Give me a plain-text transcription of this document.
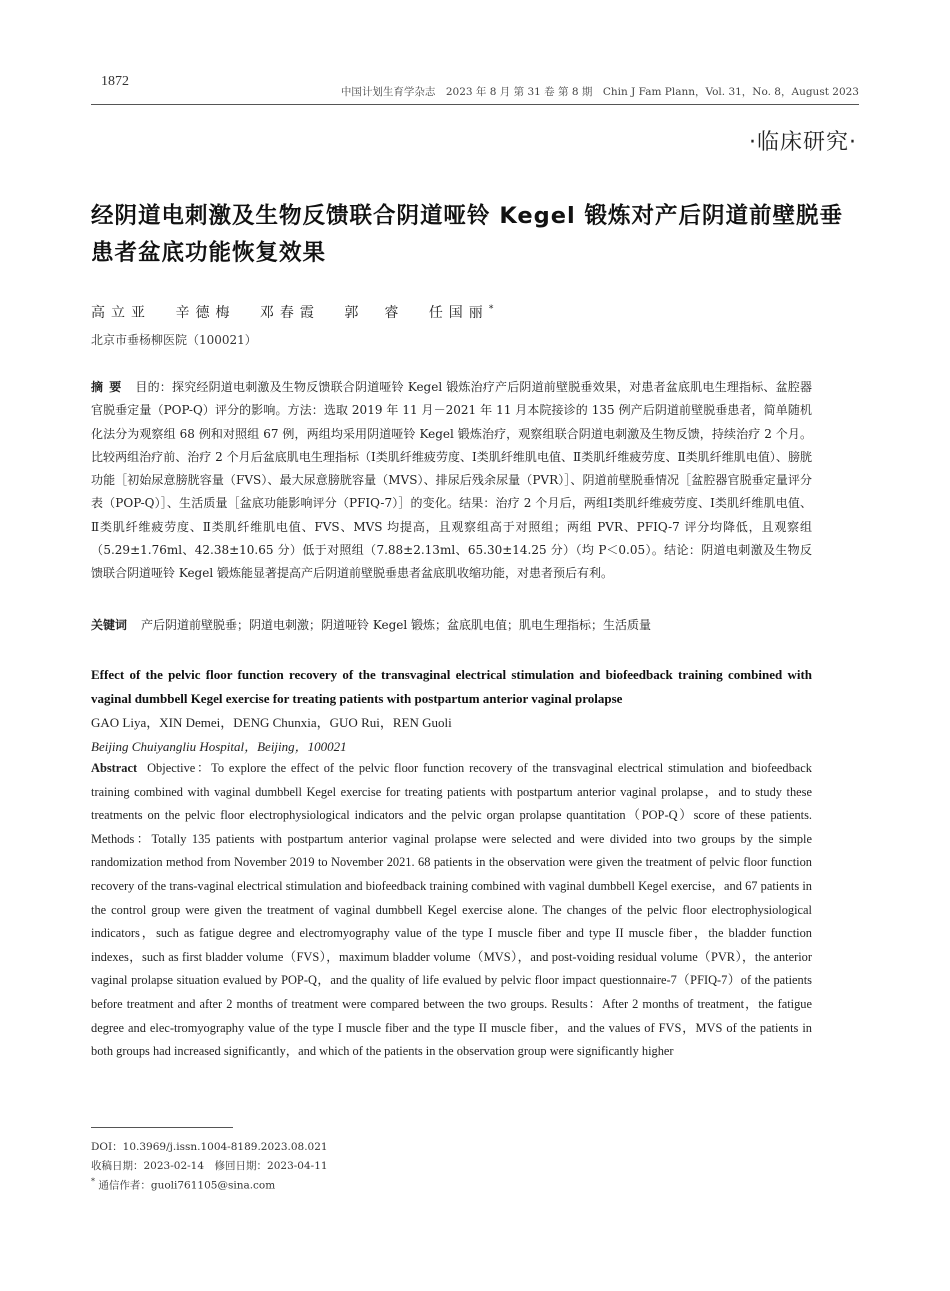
1872
中国计划生育学杂志　2023 年 8 月 第 31 卷 第 8 期　Chin J Fam Plann，Vol. 31，No. 8，August 2023
·临床研究·
经阴道电刺激及生物反馈联合阴道哑铃 Kegel 锻炼对产后阴道前壁脱垂患者盆底功能恢复效果
高立亚 辛德梅 邓春霞 郭　睿 任国丽*
北京市垂杨柳医院（100021）
摘要 目的：探究经阴道电刺激及生物反馈联合阴道哑铃 Kegel 锻炼治疗产后阴道前壁脱垂效果，对患者盆底肌电生理指标、盆腔器官脱垂定量（POP-Q）评分的影响。方法：选取 2019 年 11 月－2021 年 11 月本院接诊的 135 例产后阴道前壁脱垂患者，简单随机化法分为观察组 68 例和对照组 67 例，两组均采用阴道哑铃 Kegel 锻炼治疗，观察组联合阴道电刺激及生物反馈，持续治疗 2 个月。比较两组治疗前、治疗 2 个月后盆底肌电生理指标（Ⅰ类肌纤维疲劳度、Ⅰ类肌纤维肌电值、Ⅱ类肌纤维疲劳度、Ⅱ类肌纤维肌电值）、膀胱功能［初始尿意膀胱容量（FVS）、最大尿意膀胱容量（MVS）、排尿后残余尿量（PVR）］、阴道前壁脱垂情况［盆腔器官脱垂定量评分表（POP-Q）］、生活质量［盆底功能影响评分（PFIQ-7）］的变化。结果：治疗 2 个月后，两组Ⅰ类肌纤维疲劳度、Ⅰ类肌纤维肌电值、Ⅱ类肌纤维疲劳度、Ⅱ类肌纤维肌电值、FVS、MVS 均提高，且观察组高于对照组；两组 PVR、PFIQ-7 评分均降低，且观察组（5.29±1.76ml、42.38±10.65 分）低于对照组（7.88±2.13ml、65.30±14.25 分）（均 P＜0.05）。结论：阴道电刺激及生物反馈联合阴道哑铃 Kegel 锻炼能显著提高产后阴道前壁脱垂患者盆底肌收缩功能，对患者预后有利。
关键词 产后阴道前壁脱垂；阴道电刺激；阴道哑铃 Kegel 锻炼；盆底肌电值；肌电生理指标；生活质量
Effect of the pelvic floor function recovery of the transvaginal electrical stimulation and biofeedback training combined with vaginal dumbbell Kegel exercise for treating patients with postpartum anterior vaginal prolapse
GAO Liya，XIN Demei，DENG Chunxia，GUO Rui，REN Guoli
Beijing Chuiyangliu Hospital，Beijing，100021
Abstract Objective：To explore the effect of the pelvic floor function recovery of the transvaginal electrical stimulation and biofeedback training combined with vaginal dumbbell Kegel exercise for treating patients with postpartum anterior vaginal prolapse，and to study these treatments on the pelvic floor electrophysiological indicators and the pelvic organ prolapse quantitation（POP-Q）score of these patients. Methods：Totally 135 patients with postpartum anterior vaginal prolapse were selected and were divided into two groups by the simple randomization method from November 2019 to November 2021. 68 patients in the observation were given the treatment of pelvic floor function recovery of the trans-vaginal electrical stimulation and biofeedback training combined with vaginal dumbbell Kegel exercise，and 67 patients in the control group were given the treatment of vaginal dumbbell Kegel exercise alone. The changes of the pelvic floor electrophysiological indicators，such as fatigue degree and electromyography value of the type I muscle fiber and type II muscle fiber，the bladder function indexes，such as first bladder volume（FVS），maximum bladder volume（MVS），and post-voiding residual volume（PVR），the anterior vaginal prolapse situation evalued by POP-Q，and the quality of life evalued by pelvic floor impact questionnaire-7（PFIQ-7）of the patients before treatment and after 2 months of treatment were compared between the two groups. Results：After 2 months of treatment，the fatigue degree and elec-tromyography value of the type I muscle fiber and the type II muscle fiber，and the values of FVS，MVS of the patients in both groups had increased significantly，and which of the patients in the observation group were significantly higher
DOI：10.3969/j.issn.1004-8189.2023.08.021
收稿日期：2023-02-14　修回日期：2023-04-11
* 通信作者：guoli761105@sina.com
